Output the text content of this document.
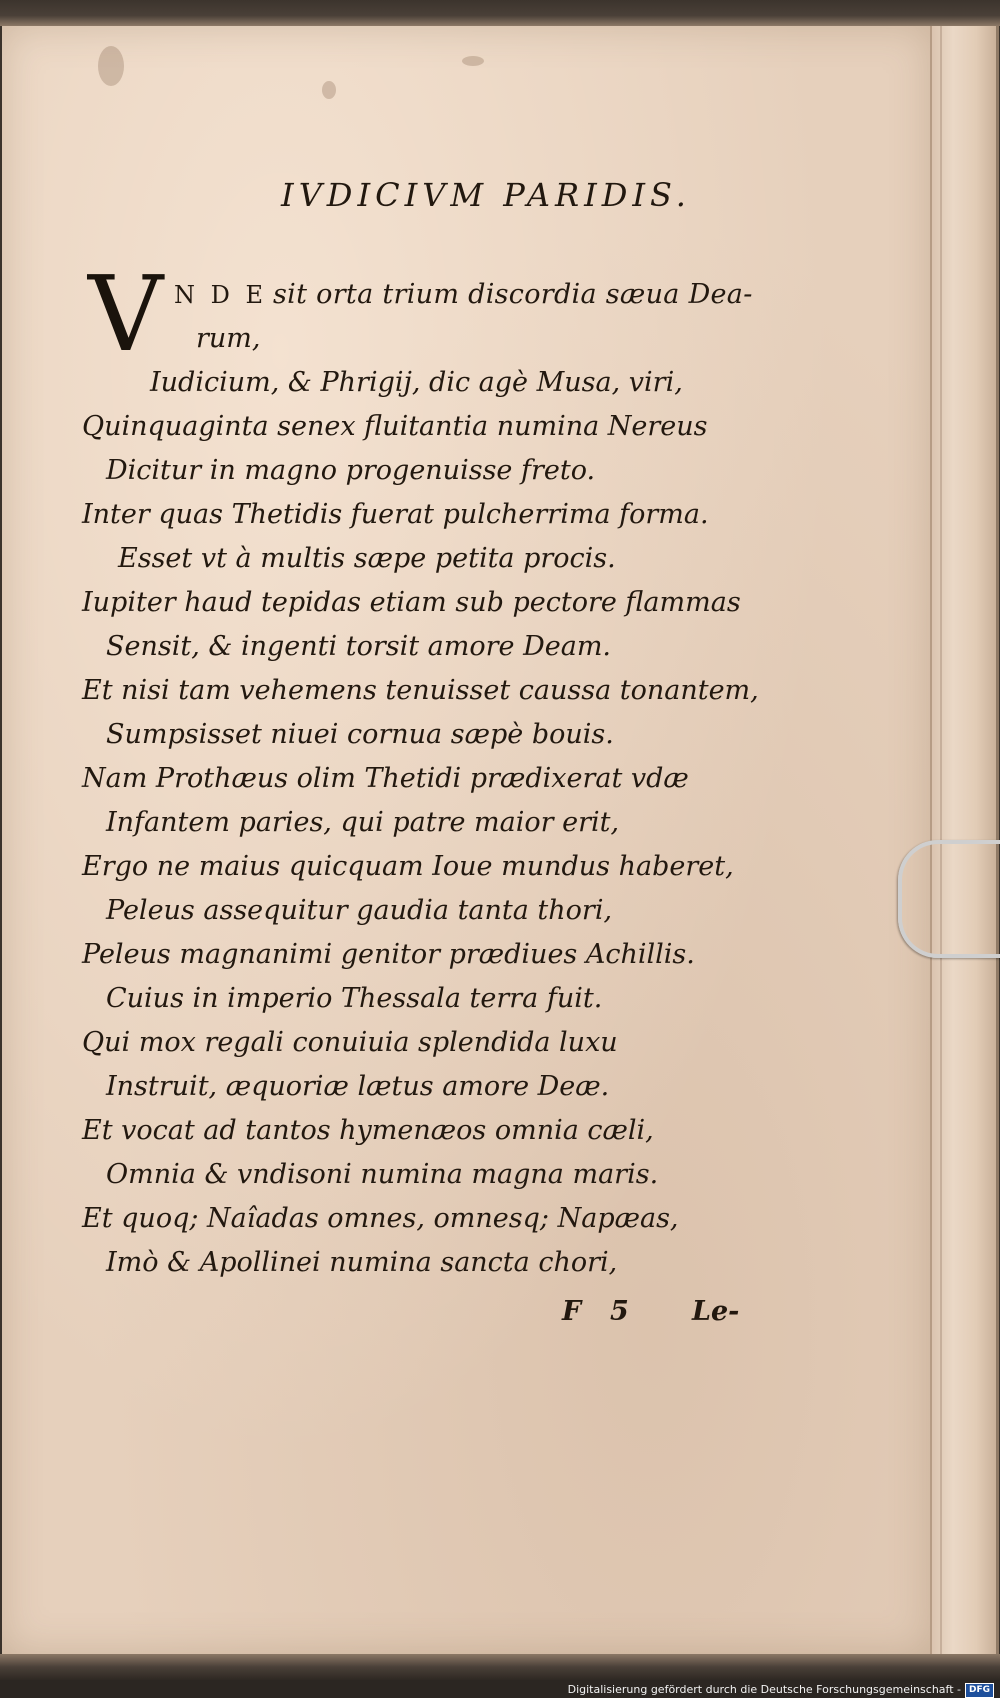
IVDICIVM PARIDIS.
V N D E sit orta trium discordia sæua Dea-
rum,
Iudicium, & Phrigij, dic agè Musa, viri,
Quinquaginta senex fluitantia numina Nereus
Dicitur in magno progenuisse freto.
Inter quas Thetidis fuerat pulcherrima forma.
Esset vt à multis sæpe petita procis.
Iupiter haud tepidas etiam sub pectore flammas
Sensit, & ingenti torsit amore Deam.
Et nisi tam vehemens tenuisset caussa tonantem,
Sumpsisset niuei cornua sæpè bouis.
Nam Prothæus olim Thetidi prædixerat vdæ
Infantem paries, qui patre maior erit,
Ergo ne maius quicquam Ioue mundus haberet,
Peleus assequitur gaudia tanta thori,
Peleus magnanimi genitor prædiues Achillis.
Cuius in imperio Thessala terra fuit.
Qui mox regali conuiuia splendida luxu
Instruit, æquoriæ lætus amore Deæ.
Et vocat ad tantos hymenæos omnia cæli,
Omnia & vndisoni numina magna maris.
Et quoq; Naîadas omnes, omnesq; Napæas,
Imò & Apollinei numina sancta chori,
F 5 Le-
Digitalisierung gefördert durch die Deutsche Forschungsgemeinschaft - DFG
